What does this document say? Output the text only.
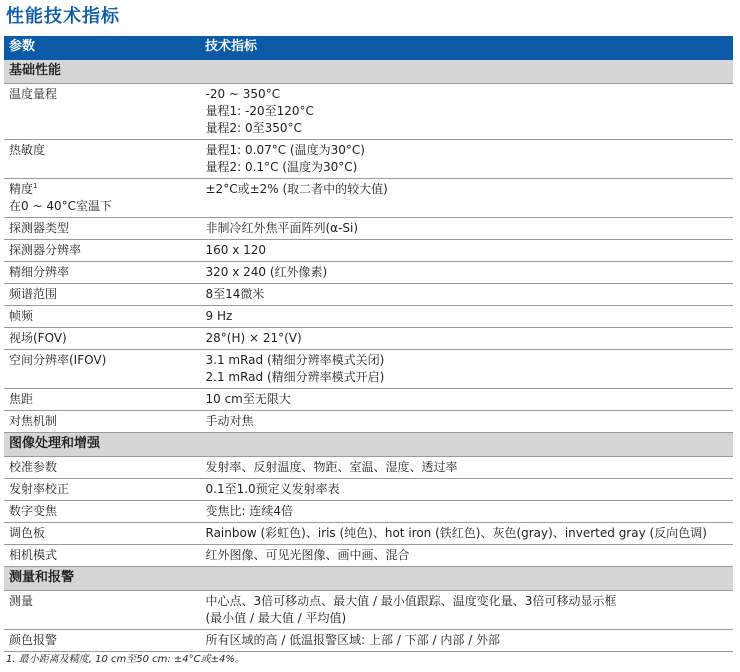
性能技术指标
参数	技术指标
基础性能	
温度量程	-20 ~ 350°C
量程1: -20至120°C
量程2: 0至350°C

热敏度	量程1: 0.07°C (温度为30°C)
量程2: 0.1°C (温度为30°C)

精度$^1$
在0 ~ 40°C室温下	±2°C或±2% (取二者中的较大值)

探测器类型	非制冷红外焦平面阵列(α-Si)

探测器分辨率	160 x 120

精细分辨率	320 x 240 (红外像素)

频谱范围	8至14微米

帧频	9 Hz

视场(FOV)	28°(H) × 21°(V)

空间分辨率(IFOV)	3.1 mRad (精细分辨率模式关闭)
2.1 mRad (精细分辨率模式开启)

焦距	10 cm至无限大

对焦机制	手动对焦

图像处理和增强	
校准参数	发射率、反射温度、物距、室温、湿度、透过率

发射率校正	0.1至1.0预定义发射率表

数字变焦	变焦比: 连续4倍

调色板	Rainbow (彩虹色)、iris (纯色)、hot iron (铁红色)、灰色(gray)、inverted gray (反向色调)

相机模式	红外图像、可见光图像、画中画、混合

测量和报警	
测量	中心点、3倍可移动点、最大值 / 最小值跟踪、温度变化量、3倍可移动显示框
(最小值 / 最大值 / 平均值)

颜色报警	所有区域的高 / 低温报警区域: 上部 / 下部 / 内部 / 外部
1. 最小距离及精度, 10 cm至50 cm: ±4°C或±4%。
